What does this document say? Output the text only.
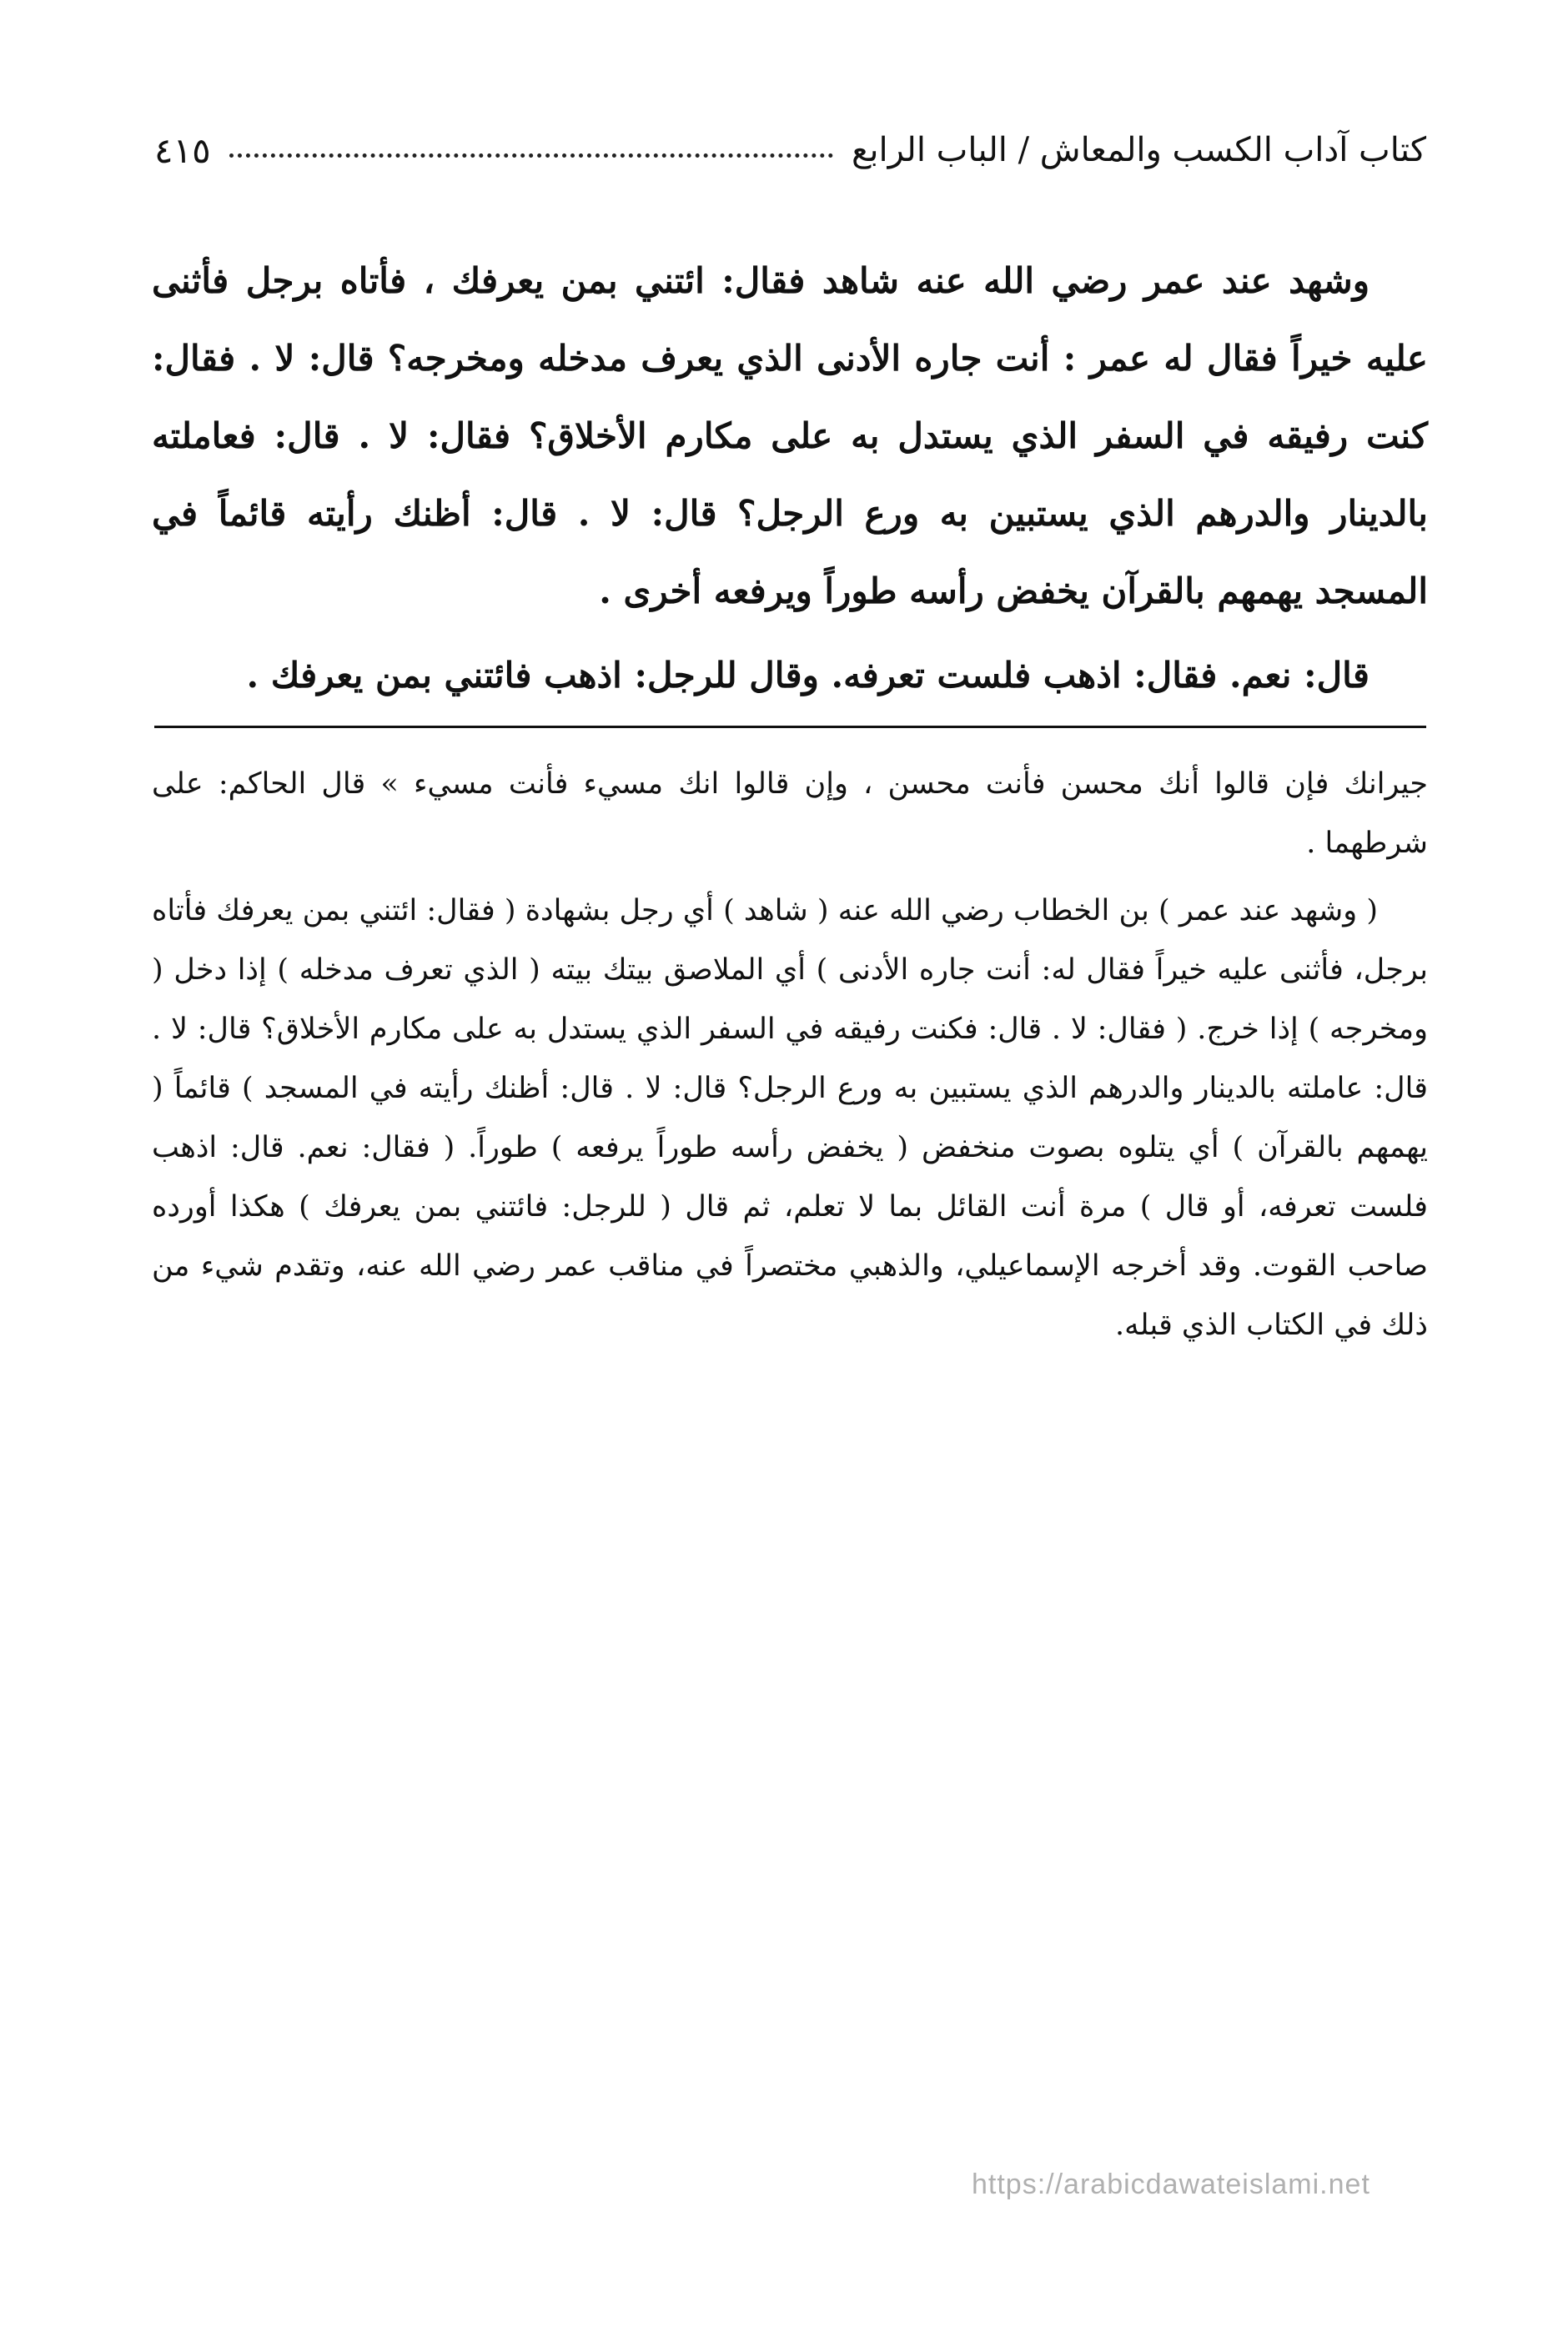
كتاب آداب الكسب والمعاش / الباب الرابع
٤١٥

وشهد عند عمر رضي الله عنه شاهد فقال: ائتني بمن يعرفك ، فأتاه برجل فأثنى عليه خيراً فقال له عمر : أنت جاره الأدنى الذي يعرف مدخله ومخرجه؟ قال: لا . فقال: كنت رفيقه في السفر الذي يستدل به على مكارم الأخلاق؟ فقال: لا . قال: فعاملته بالدينار والدرهم الذي يستبين به ورع الرجل؟ قال: لا . قال: أظنك رأيته قائماً في المسجد يهمهم بالقرآن يخفض رأسه طوراً ويرفعه أخرى .

قال: نعم. فقال: اذهب فلست تعرفه. وقال للرجل: اذهب فائتني بمن يعرفك .

جيرانك فإن قالوا أنك محسن فأنت محسن ، وإن قالوا انك مسيء فأنت مسيء » قال الحاكم: على شرطهما .

( وشهد عند عمر ) بن الخطاب رضي الله عنه ( شاهد ) أي رجل بشهادة ( فقال: ائتني بمن يعرفك فأتاه برجل، فأثنى عليه خيراً فقال له: أنت جاره الأدنى ) أي الملاصق بيتك بيته ( الذي تعرف مدخله ) إذا دخل ( ومخرجه ) إذا خرج. ( فقال: لا . قال: فكنت رفيقه في السفر الذي يستدل به على مكارم الأخلاق؟ قال: لا . قال: عاملته بالدينار والدرهم الذي يستبين به ورع الرجل؟ قال: لا . قال: أظنك رأيته في المسجد ) قائماً ( يهمهم بالقرآن ) أي يتلوه بصوت منخفض ( يخفض رأسه طوراً يرفعه ) طوراً. ( فقال: نعم. قال: اذهب فلست تعرفه، أو قال ) مرة أنت القائل بما لا تعلم، ثم قال ( للرجل: فائتني بمن يعرفك ) هكذا أورده صاحب القوت. وقد أخرجه الإسماعيلي، والذهبي مختصراً في مناقب عمر رضي الله عنه، وتقدم شيء من ذلك في الكتاب الذي قبله.

https://arabicdawateislami.net
